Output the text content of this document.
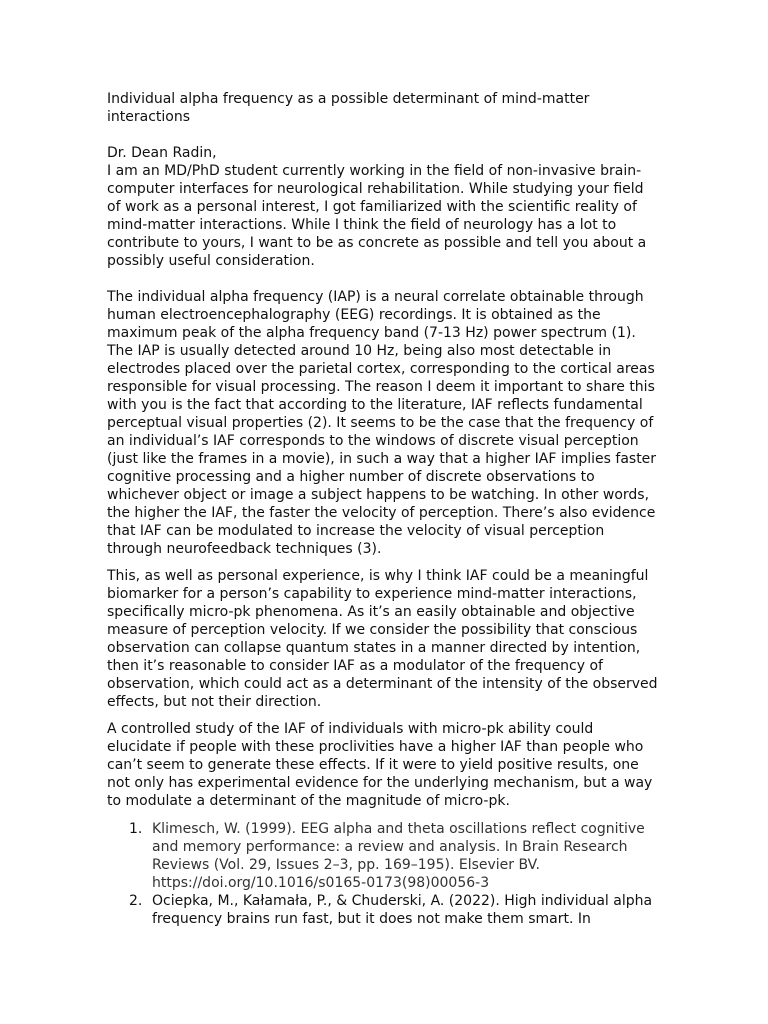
Individual alpha frequency as a possible determinant of mind-matter interactions

Dr. Dean Radin,

I am an MD/PhD student currently working in the field of non-invasive brain-computer interfaces for neurological rehabilitation. While studying your field of work as a personal interest, I got familiarized with the scientific reality of mind-matter interactions. While I think the field of neurology has a lot to contribute to yours, I want to be as concrete as possible and tell you about a possibly useful consideration.

The individual alpha frequency (IAP) is a neural correlate obtainable through human electroencephalography (EEG) recordings. It is obtained as the maximum peak of the alpha frequency band (7-13 Hz) power spectrum (1). The IAP is usually detected around 10 Hz, being also most detectable in electrodes placed over the parietal cortex, corresponding to the cortical areas responsible for visual processing. The reason I deem it important to share this with you is the fact that according to the literature, IAF reflects fundamental perceptual visual properties (2). It seems to be the case that the frequency of an individual’s IAF corresponds to the windows of discrete visual perception (just like the frames in a movie), in such a way that a higher IAF implies faster cognitive processing and a higher number of discrete observations to whichever object or image a subject happens to be watching. In other words, the higher the IAF, the faster the velocity of perception. There’s also evidence that IAF can be modulated to increase the velocity of visual perception through neurofeedback techniques (3).

This, as well as personal experience, is why I think IAF could be a meaningful biomarker for a person’s capability to experience mind-matter interactions, specifically micro-pk phenomena. As it’s an easily obtainable and objective measure of perception velocity. If we consider the possibility that conscious observation can collapse quantum states in a manner directed by intention, then it’s reasonable to consider IAF as a modulator of the frequency of observation, which could act as a determinant of the intensity of the observed effects, but not their direction.

A controlled study of the IAF of individuals with micro-pk ability could elucidate if people with these proclivities have a higher IAF than people who can’t seem to generate these effects. If it were to yield positive results, one not only has experimental evidence for the underlying mechanism, but a way to modulate a determinant of the magnitude of micro-pk.

1. Klimesch, W. (1999). EEG alpha and theta oscillations reflect cognitive and memory performance: a review and analysis. In Brain Research Reviews (Vol. 29, Issues 2–3, pp. 169–195). Elsevier BV. https://doi.org/10.1016/s0165-0173(98)00056-3
2. Ociepka, M., Kałamała, P., & Chuderski, A. (2022). High individual alpha frequency brains run fast, but it does not make them smart. In
